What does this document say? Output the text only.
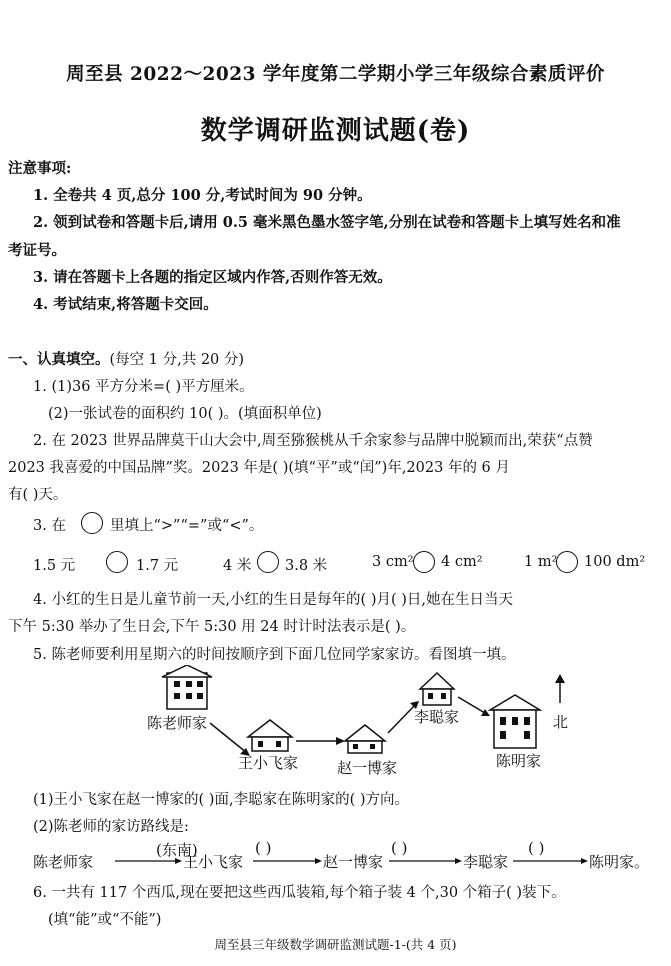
周至县 2022～2023 学年度第二学期小学三年级综合素质评价
数学调研监测试题(卷)
注意事项:
1. 全卷共 4 页,总分 100 分,考试时间为 90 分钟。
2. 领到试卷和答题卡后,请用 0.5 毫米黑色墨水签字笔,分别在试卷和答题卡上填写姓名和准
考证号。
3. 请在答题卡上各题的指定区域内作答,否则作答无效。
4. 考试结束,将答题卡交回。
一、认真填空。(每空 1 分,共 20 分)
1. (1)36 平方分米=( )平方厘米。
(2)一张试卷的面积约 10( )。(填面积单位)
2. 在 2023 世界品牌莫干山大会中,周至猕猴桃从千余家参与品牌中脱颖而出,荣获“点赞
2023 我喜爱的中国品牌”奖。2023 年是( )(填“平”或“闰”)年,2023 年的 6 月
有( )天。
3. 在	里填上“>”“=”或“<”。
1.5 元	1.7 元	4 米 3.8 米	3 cm² 4 cm²	1 m² 100 dm²
4. 小红的生日是儿童节前一天,小红的生日是每年的( )月( )日,她在生日当天
下午 5:30 举办了生日会,下午 5:30 用 24 时计时法表示是( )。
5. 陈老师要利用星期六的时间按顺序到下面几位同学家家访。看图填一填。
北
陈老师家
王小飞家	赵一博家
李聪家
陈明家
(1)王小飞家在赵一博家的( )面,李聪家在陈明家的( )方向。
(2)陈老师的家访路线是:
陈老师家
(东南)
王小飞家
( )
赵一博家
( )
李聪家
( )
陈明家。
6. 一共有 117 个西瓜,现在要把这些西瓜装箱,每个箱子装 4 个,30 个箱子( )装下。
(填“能”或“不能”)
周至县三年级数学调研监测试题-1-(共 4 页)
